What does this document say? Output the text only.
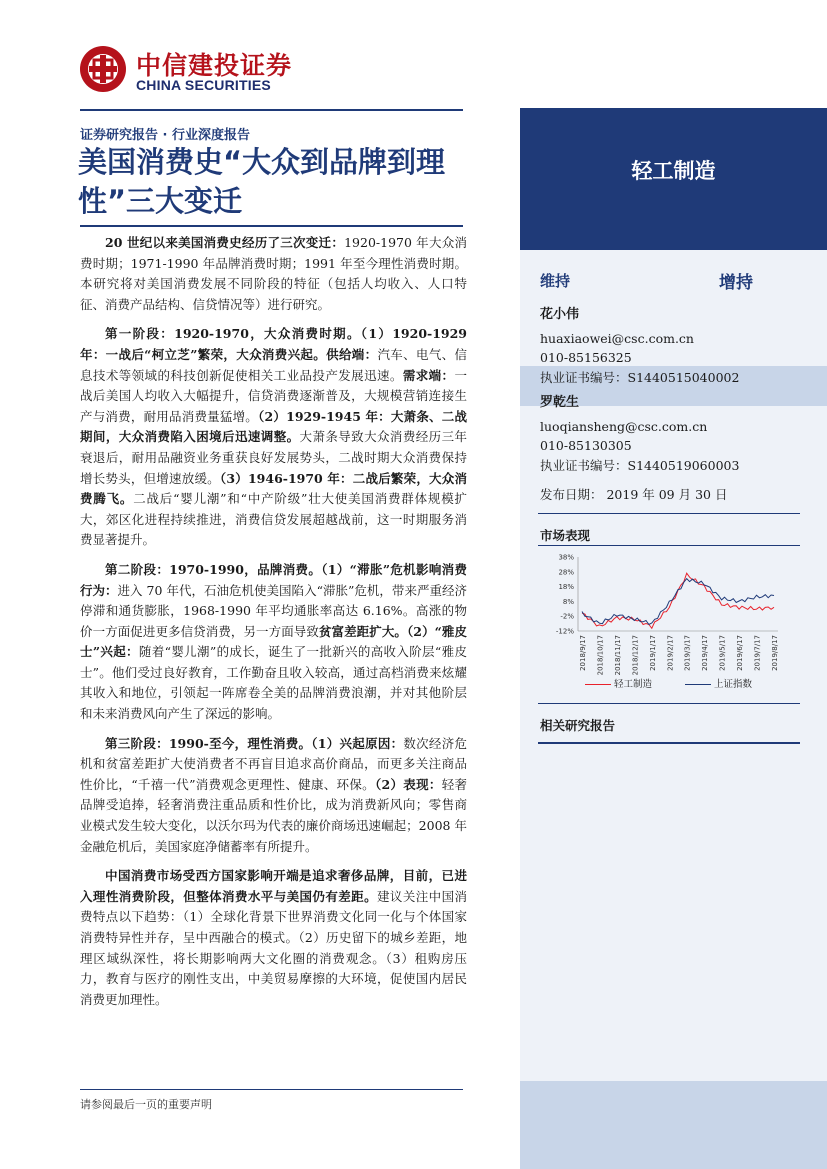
中信建投证券
CHINA SECURITIES
证券研究报告 · 行业深度报告
美国消费史“大众到品牌到理性”三大变迁

20 世纪以来美国消费史经历了三次变迁：1920-1970 年大众消费时期；1971-1990 年品牌消费时期；1991 年至今理性消费时期。本研究将对美国消费发展不同阶段的特征（包括人均收入、人口特征、消费产品结构、信贷情况等）进行研究。

第一阶段：1920-1970，大众消费时期。（1）1920-1929 年：一战后“柯立芝”繁荣，大众消费兴起。供给端：汽车、电气、信息技术等领域的科技创新促使相关工业品投产发展迅速。需求端：一战后美国人均收入大幅提升，信贷消费逐渐普及，大规模营销连接生产与消费，耐用品消费量猛增。（2）1929-1945 年：大萧条、二战期间，大众消费陷入困境后迅速调整。大萧条导致大众消费经历三年衰退后，耐用品融资业务重获良好发展势头，二战时期大众消费保持增长势头，但增速放缓。（3）1946-1970 年：二战后繁荣，大众消费腾飞。二战后“婴儿潮”和“中产阶级”壮大使美国消费群体规模扩大，郊区化进程持续推进，消费信贷发展超越战前，这一时期服务消费显著提升。

第二阶段：1970-1990，品牌消费。（1）“滞胀”危机影响消费行为：进入 70 年代，石油危机使美国陷入“滞胀”危机，带来严重经济停滞和通货膨胀，1968-1990 年平均通胀率高达 6.16%。高涨的物价一方面促进更多信贷消费，另一方面导致贫富差距扩大。（2）“雅皮士”兴起：随着“婴儿潮”的成长，诞生了一批新兴的高收入阶层“雅皮士”。他们受过良好教育，工作勤奋且收入较高，通过高档消费来炫耀其收入和地位，引领起一阵席卷全美的品牌消费浪潮，并对其他阶层和未来消费风向产生了深远的影响。

第三阶段：1990-至今，理性消费。（1）兴起原因：数次经济危机和贫富差距扩大使消费者不再盲目追求高价商品，而更多关注商品性价比，“千禧一代”消费观念更理性、健康、环保。（2）表现：轻奢品牌受追捧，轻奢消费注重品质和性价比，成为消费新风向；零售商业模式发生较大变化，以沃尔玛为代表的廉价商场迅速崛起；2008 年金融危机后，美国家庭净储蓄率有所提升。

中国消费市场受西方国家影响开端是追求奢侈品牌，目前，已进入理性消费阶段，但整体消费水平与美国仍有差距。建议关注中国消费特点以下趋势：（1）全球化背景下世界消费文化同一化与个体国家消费特异性并存，呈中西融合的模式。（2）历史留下的城乡差距，地理区域纵深性，将长期影响两大文化圈的消费观念。（3）租购房压力，教育与医疗的刚性支出，中美贸易摩擦的大环境，促使国内居民消费更加理性。

请参阅最后一页的重要声明
轻工制造
维持	增持
花小伟
huaxiaowei@csc.com.cn
010-85156325
执业证书编号：S1440515040002
罗乾生
luoqiansheng@csc.com.cn
010-85130305
执业证书编号：S1440519060003
发布日期： 2019 年 09 月 30 日
市场表现
38%
28%
18%
8%
-2%
-12%
2018/9/17 2018/10/17 2018/11/17 2018/12/17 2019/1/17 2019/2/17 2019/3/17 2019/4/17 2019/5/17 2019/6/17 2019/7/17 2019/8/17
轻工制造	上证指数
相关研究报告
